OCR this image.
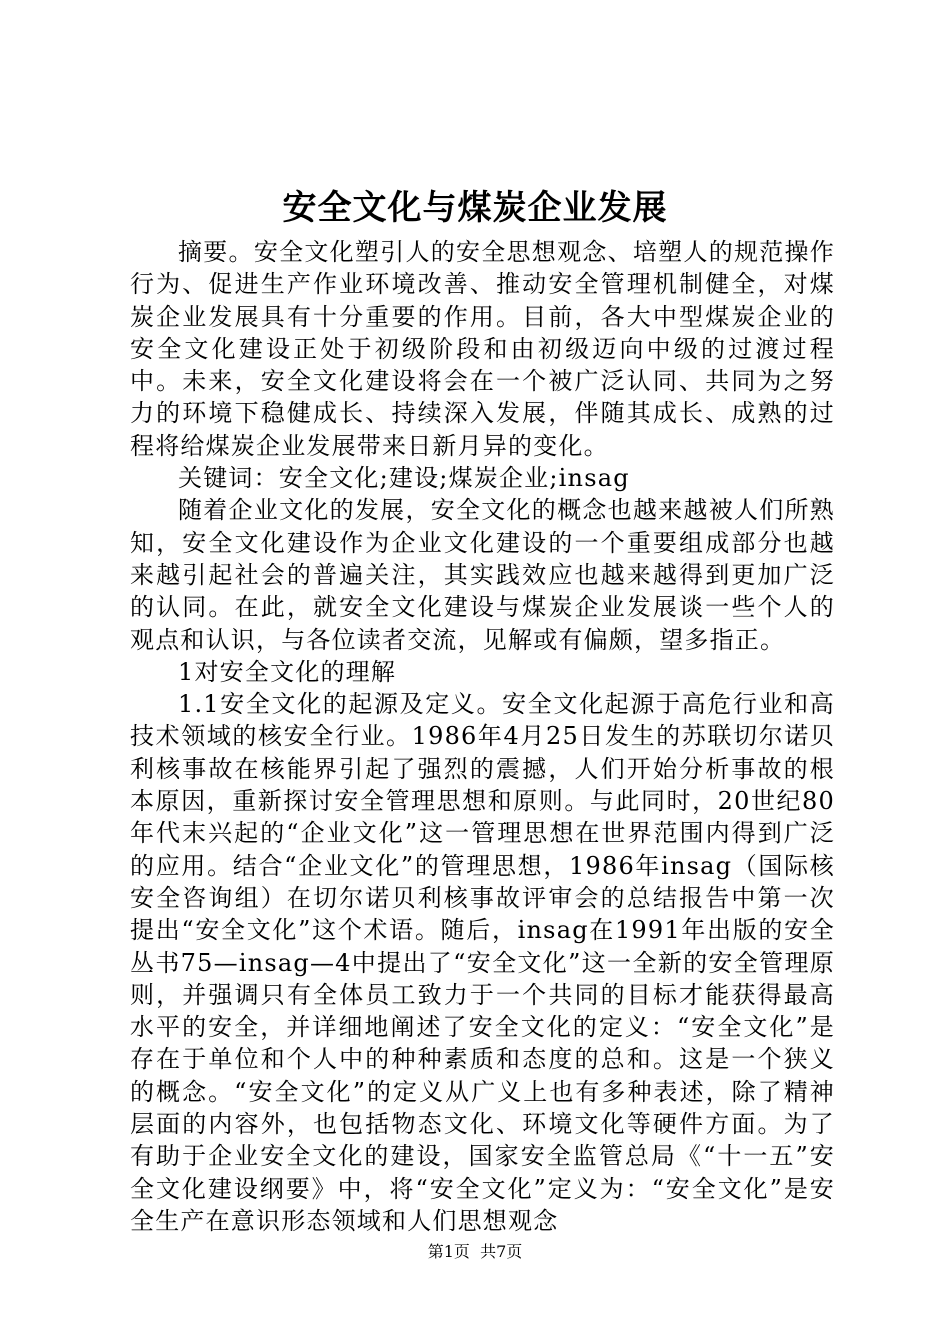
安全文化与煤炭企业发展

摘要。安全文化塑引人的安全思想观念、培塑人的规范操作行为、促进生产作业环境改善、推动安全管理机制健全，对煤炭企业发展具有十分重要的作用。目前，各大中型煤炭企业的安全文化建设正处于初级阶段和由初级迈向中级的过渡过程中。未来，安全文化建设将会在一个被广泛认同、共同为之努力的环境下稳健成长、持续深入发展，伴随其成长、成熟的过程将给煤炭企业发展带来日新月异的变化。

关键词：安全文化;建设;煤炭企业;insag

随着企业文化的发展，安全文化的概念也越来越被人们所熟知，安全文化建设作为企业文化建设的一个重要组成部分也越来越引起社会的普遍关注，其实践效应也越来越得到更加广泛的认同。在此，就安全文化建设与煤炭企业发展谈一些个人的观点和认识，与各位读者交流，见解或有偏颇，望多指正。

1对安全文化的理解

1.1安全文化的起源及定义。安全文化起源于高危行业和高技术领域的核安全行业。1986年4月25日发生的苏联切尔诺贝利核事故在核能界引起了强烈的震撼，人们开始分析事故的根本原因，重新探讨安全管理思想和原则。与此同时，20世纪80年代末兴起的“企业文化”这一管理思想在世界范围内得到广泛的应用。结合“企业文化”的管理思想，1986年insag（国际核安全咨询组）在切尔诺贝利核事故评审会的总结报告中第一次提出“安全文化”这个术语。随后，insag在1991年出版的安全丛书75—insag—4中提出了“安全文化”这一全新的安全管理原则，并强调只有全体员工致力于一个共同的目标才能获得最高水平的安全，并详细地阐述了安全文化的定义：“安全文化”是存在于单位和个人中的种种素质和态度的总和。这是一个狭义的概念。“安全文化”的定义从广义上也有多种表述，除了精神层面的内容外，也包括物态文化、环境文化等硬件方面。为了有助于企业安全文化的建设，国家安全监管总局《“十一五”安全文化建设纲要》中，将“安全文化”定义为：“安全文化”是安全生产在意识形态领域和人们思想观念

第1页  共7页
